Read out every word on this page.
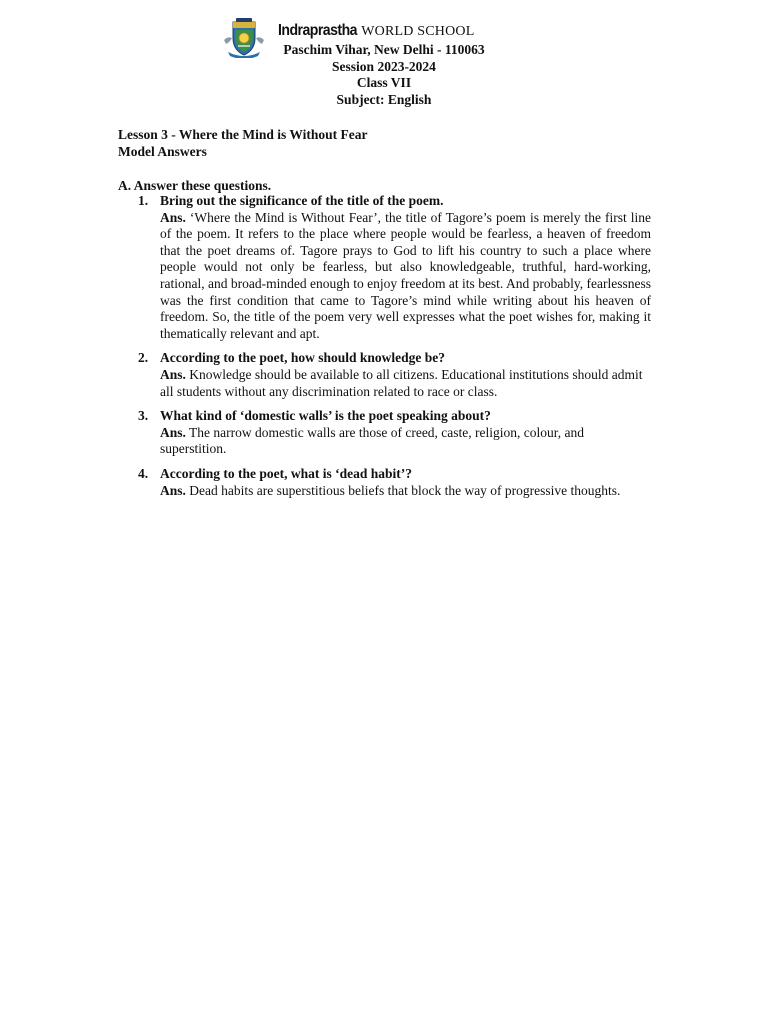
Indraprastha WORLD SCHOOL
Paschim Vihar, New Delhi - 110063
Session 2023-2024
Class VII
Subject: English
Lesson 3 - Where the Mind is Without Fear
Model Answers
A. Answer these questions.
1. Bring out the significance of the title of the poem.
Ans. ‘Where the Mind is Without Fear’, the title of Tagore’s poem is merely the first line of the poem. It refers to the place where people would be fearless, a heaven of freedom that the poet dreams of. Tagore prays to God to lift his country to such a place where people would not only be fearless, but also knowledgeable, truthful, hard-working, rational, and broad-minded enough to enjoy freedom at its best. And probably, fearlessness was the first condition that came to Tagore’s mind while writing about his heaven of freedom. So, the title of the poem very well expresses what the poet wishes for, making it thematically relevant and apt.
2. According to the poet, how should knowledge be?
Ans. Knowledge should be available to all citizens. Educational institutions should admit all students without any discrimination related to race or class.
3. What kind of ‘domestic walls’ is the poet speaking about?
Ans. The narrow domestic walls are those of creed, caste, religion, colour, and superstition.
4. According to the poet, what is ‘dead habit’?
Ans. Dead habits are superstitious beliefs that block the way of progressive thoughts.
